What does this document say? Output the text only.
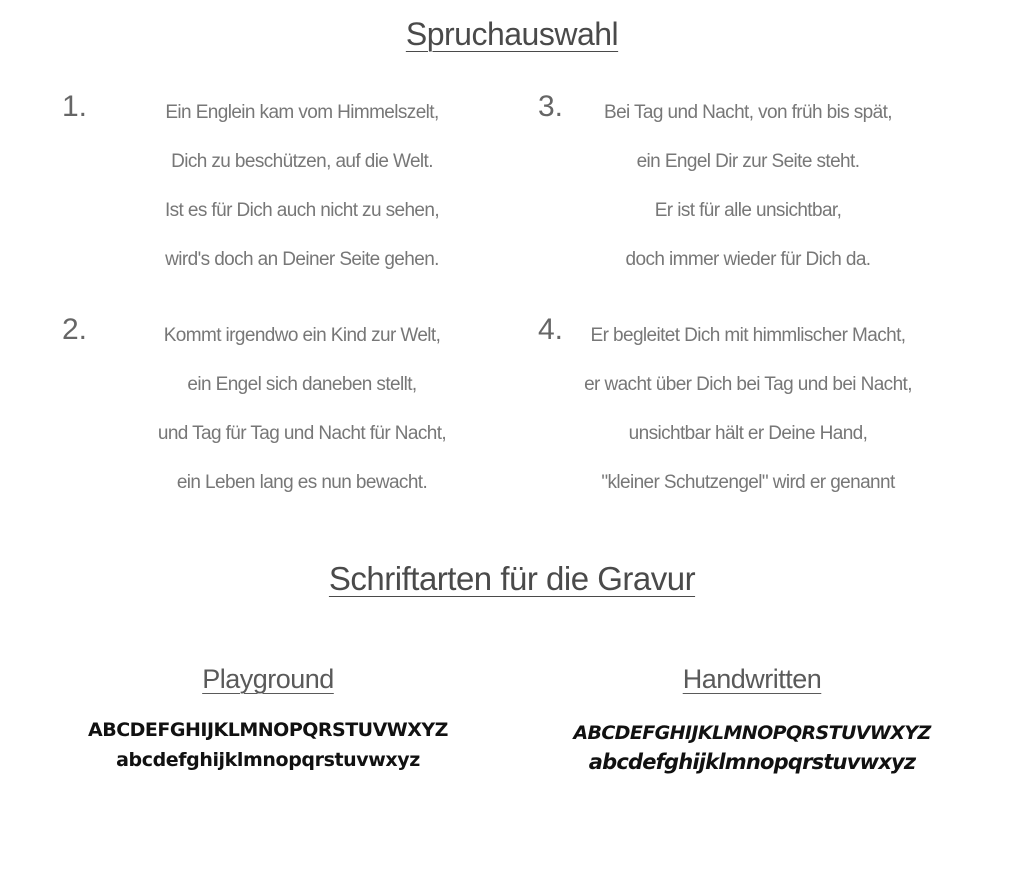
Spruchauswahl
1.	Ein Englein kam vom Himmelszelt,
Dich zu beschützen, auf die Welt.
Ist es für Dich auch nicht zu sehen,
wird's doch an Deiner Seite gehen.
2.	Kommt irgendwo ein Kind zur Welt,
ein Engel sich daneben stellt,
und Tag für Tag und Nacht für Nacht,
ein Leben lang es nun bewacht.
3.	Bei Tag und Nacht, von früh bis spät,
ein Engel Dir zur Seite steht.
Er ist für alle unsichtbar,
doch immer wieder für Dich da.
4.	Er begleitet Dich mit himmlischer Macht,
er wacht über Dich bei Tag und bei Nacht,
unsichtbar hält er Deine Hand,
"kleiner Schutzengel" wird er genannt
Schriftarten für die Gravur
Playground
ABCDEFGHIJKLMNOPQRSTUVWXYZ
abcdefghijklmnopqrstuvwxyz
Handwritten
ABCDEFGHIJKLMNOPQRSTUVWXYZ
abcdefghijklmnopqrstuvwxyz
